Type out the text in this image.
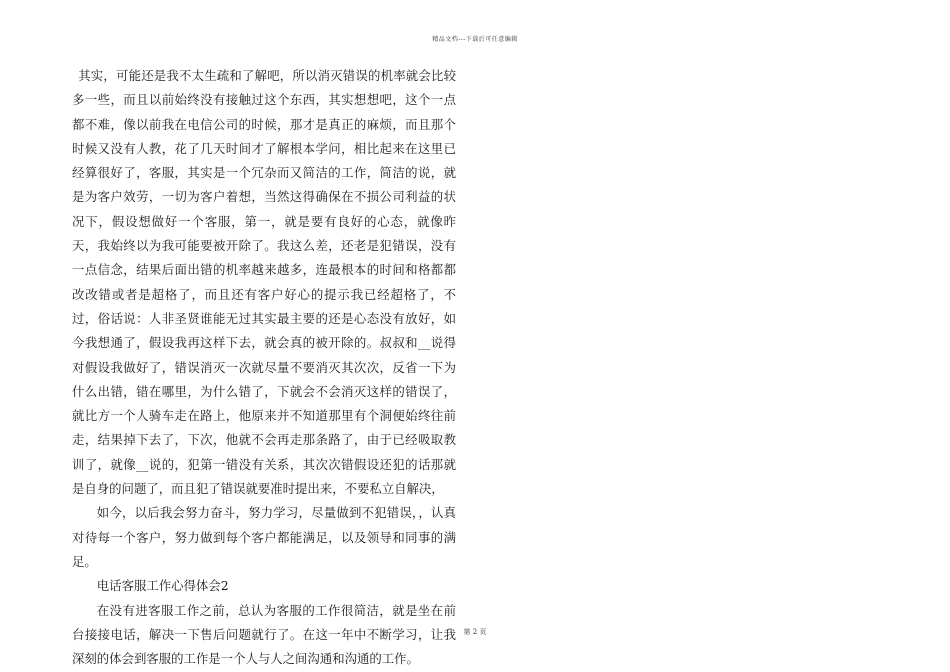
精品文档---下载后可任意编辑

其实，可能还是我不太生疏和了解吧，所以消灭错误的机率就会比较多一些，而且以前始终没有接触过这个东西，其实想想吧，这个一点都不难，像以前我在电信公司的时候，那才是真正的麻烦，而且那个时候又没有人教，花了几天时间才了解根本学问，相比起来在这里已经算很好了，客服，其实是一个冗杂而又简洁的工作，简洁的说，就是为客户效劳，一切为客户着想，当然这得确保在不损公司利益的状况下，假设想做好一个客服，第一，就是要有良好的心态，就像昨天，我始终以为我可能要被开除了。我这么差，还老是犯错误，没有一点信念，结果后面出错的机率越来越多，连最根本的时间和格都都改改错或者是超格了，而且还有客户好心的提示我已经超格了，不过，俗话说：人非圣贤谁能无过其实最主要的还是心态没有放好，如今我想通了，假设我再这样下去，就会真的被开除的。叔叔和__说得对假设我做好了，错误消灭一次就尽量不要消灭其次次，反省一下为什么出错，错在哪里，为什么错了，下就会不会消灭这样的错误了，就比方一个人骑车走在路上，他原来并不知道那里有个洞便始终往前走，结果掉下去了，下次，他就不会再走那条路了，由于已经吸取教训了，就像__说的，犯第一错没有关系，其次次错假设还犯的话那就是自身的问题了，而且犯了错误就要准时提出来，不要私立自解决，

如今，以后我会努力奋斗，努力学习，尽量做到不犯错误，，认真对待每一个客户，努力做到每个客户都能满足，以及领导和同事的满足。

电话客服工作心得体会2

在没有进客服工作之前，总认为客服的工作很简洁，就是坐在前台接接电话，解决一下售后问题就行了。在这一年中不断学习，让我深刻的体会到客服的工作是一个人与人之间沟通和沟通的工作。

第 2 页
